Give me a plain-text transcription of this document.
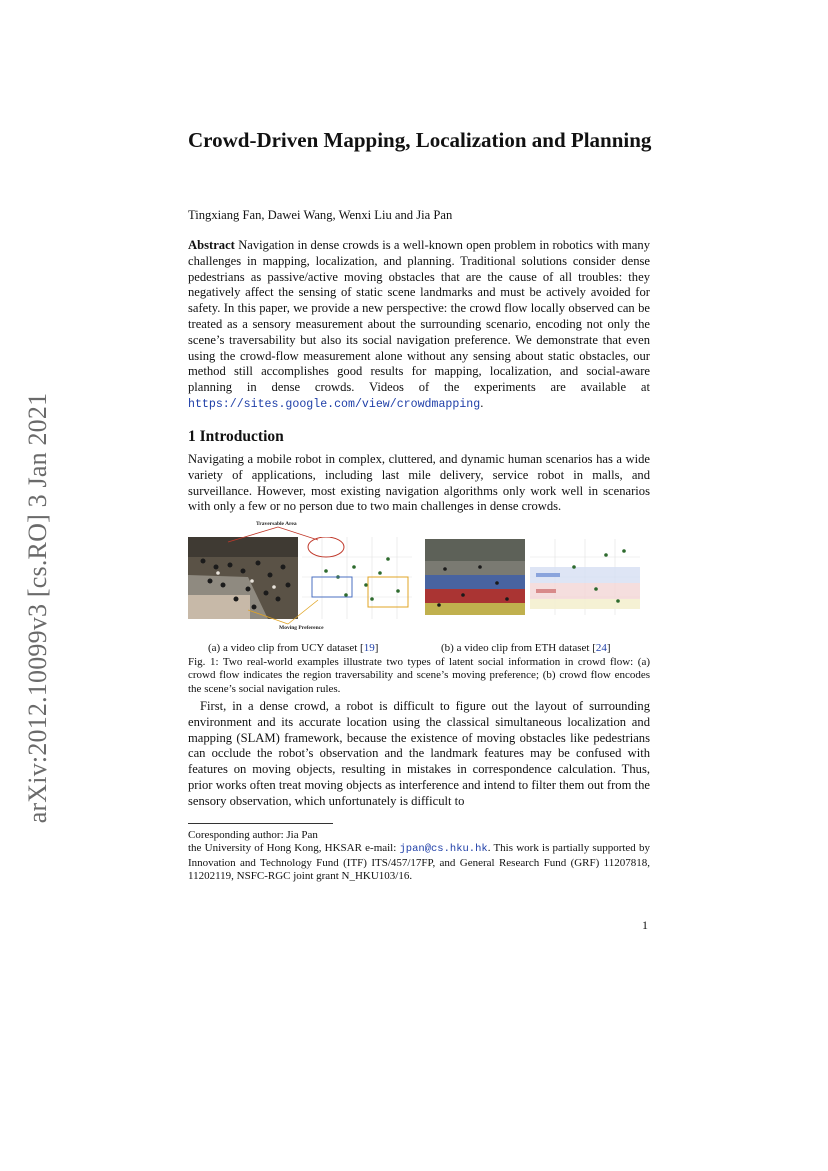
arXiv:2012.10099v3 [cs.RO] 3 Jan 2021
Crowd-Driven Mapping, Localization and Planning
Tingxiang Fan, Dawei Wang, Wenxi Liu and Jia Pan
Abstract Navigation in dense crowds is a well-known open problem in robotics with many challenges in mapping, localization, and planning. Traditional solutions consider dense pedestrians as passive/active moving obstacles that are the cause of all troubles: they negatively affect the sensing of static scene landmarks and must be actively avoided for safety. In this paper, we provide a new perspective: the crowd flow locally observed can be treated as a sensory measurement about the surrounding scenario, encoding not only the scene’s traversability but also its social navigation preference. We demonstrate that even using the crowd-flow measurement alone without any sensing about static obstacles, our method still accomplishes good results for mapping, localization, and social-aware planning in dense crowds. Videos of the experiments are available at https://sites.google.com/view/crowdmapping.
1 Introduction
Navigating a mobile robot in complex, cluttered, and dynamic human scenarios has a wide variety of applications, including last mile delivery, service robot in malls, and surveillance. However, most existing navigation algorithms only work well in scenarios with only a few or no person due to two main challenges in dense crowds.
Traversable Area
Moving Preference
(a) a video clip from UCY dataset [19]	(b) a video clip from ETH dataset [24]
Fig. 1: Two real-world examples illustrate two types of latent social information in crowd flow: (a) crowd flow indicates the region traversability and scene’s moving preference; (b) crowd flow encodes the scene’s social navigation rules.
First, in a dense crowd, a robot is difficult to figure out the layout of surrounding environment and its accurate location using the classical simultaneous localization and mapping (SLAM) framework, because the existence of moving obstacles like pedestrians can occlude the robot’s observation and the landmark features may be confused with features on moving objects, resulting in mistakes in correspondence calculation. Thus, prior works often treat moving objects as interference and intend to filter them out from the sensory observation, which unfortunately is difficult to
Coresponding author: Jia Pan
the University of Hong Kong, HKSAR e-mail: jpan@cs.hku.hk. This work is partially supported by Innovation and Technology Fund (ITF) ITS/457/17FP, and General Research Fund (GRF) 11207818, 11202119, NSFC-RGC joint grant N_HKU103/16.
1
